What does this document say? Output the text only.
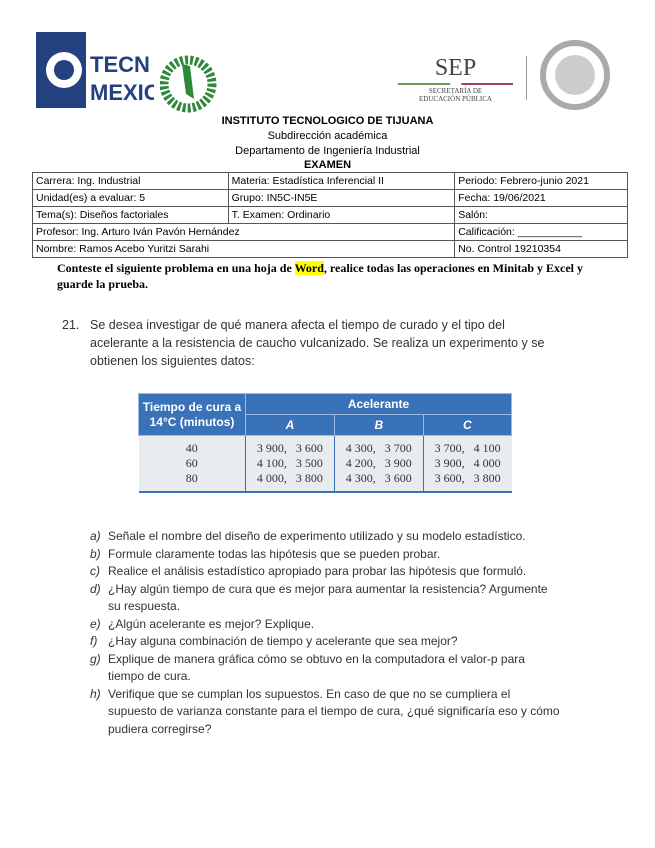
TECN
MEXIC
SEP
SECRETARÍA DE
EDUCACIÓN PÚBLICA
INSTITUTO TECNOLOGICO DE TIJUANA
Subdirección académica
Departamento de Ingeniería Industrial
EXAMEN
Carrera: Ing. Industrial	Materia: Estadística Inferencial II	Periodo: Febrero-junio 2021
Unidad(es) a evaluar: 5	Grupo: IN5C-IN5E	Fecha: 19/06/2021
Tema(s): Diseños factoriales	T. Examen: Ordinario	Salón:
Profesor: Ing. Arturo Iván Pavón Hernández		Calificación: ___________
Nombre: Ramos Acebo Yuritzi Sarahi		No. Control 19210354
Conteste el siguiente problema en una hoja de Word, realice todas las operaciones en Minitab y Excel y guarde la prueba.
21. Se desea investigar de qué manera afecta el tiempo de curado y el tipo del acelerante a la resistencia de caucho vulcanizado. Se realiza un experimento y se obtienen los siguientes datos:
Tiempo de cura a 14°C (minutos)	Acelerante		
	A	B	C
40	3 900,   3 600	4 300,   3 700	3 700,   4 100
60	4 100,   3 500	4 200,   3 900	3 900,   4 000
80	4 000,   3 800	4 300,   3 600	3 600,   3 800
a) Señale el nombre del diseño de experimento utilizado y su modelo estadístico.
b) Formule claramente todas las hipótesis que se pueden probar.
c) Realice el análisis estadístico apropiado para probar las hipótesis que formuló.
d) ¿Hay algún tiempo de cura que es mejor para aumentar la resistencia? Argumente su respuesta.
e) ¿Algún acelerante es mejor? Explique.
f) ¿Hay alguna combinación de tiempo y acelerante que sea mejor?
g) Explique de manera gráfica cómo se obtuvo en la computadora el valor-p para tiempo de cura.
h) Verifique que se cumplan los supuestos. En caso de que no se cumpliera el supuesto de varianza constante para el tiempo de cura, ¿qué significaría eso y cómo pudiera corregirse?
